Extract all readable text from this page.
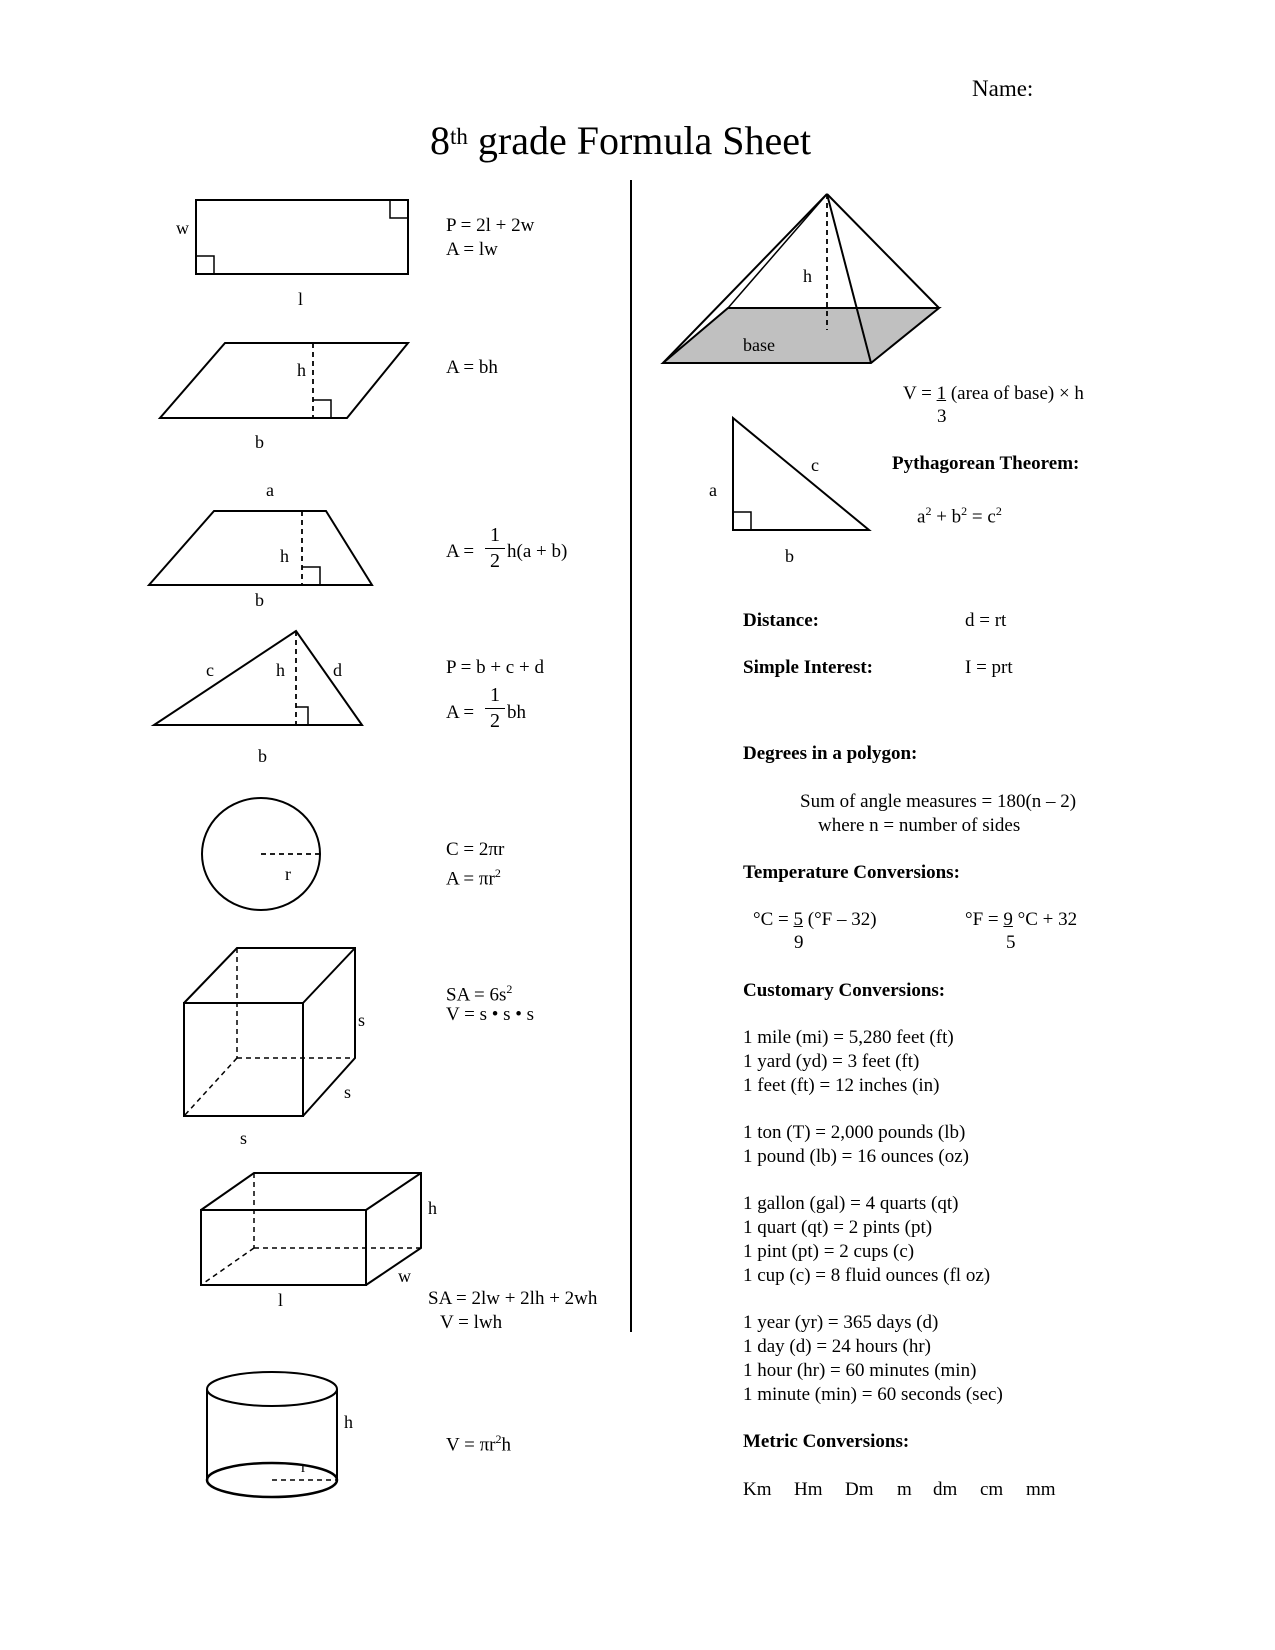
Name:
8th grade Formula Sheet
w
l
h
b
a
h
b
c	h	d
b
r
s
s
s
h
w
l
h
r
P = 2l + 2w
A = lw
A = bh
A =
1
2 h(a + b)
P = b + c + d
A =
1
2 bh
C = 2πr
$A = \pi r^2$
SA = $6s^2$
V = s • s • s
SA = 2lw + 2lh + 2wh
V = lwh
$V = \pi r^2h$
h
base
c
a
b
V = 1 (area of base) × h
3
Pythagorean Theorem:
$a^2 + b^2 = c^2$
Distance:	d = rt
Simple Interest:	I = prt
Degrees in a polygon:
Sum of angle measures = 180(n – 2)
where n = number of sides
Temperature Conversions:
°C = 5 (°F – 32)
9
°F = 9 °C + 32
5
Customary Conversions:
1 mile (mi) = 5,280 feet (ft)
1 yard (yd) = 3 feet (ft)
1 feet (ft) = 12 inches (in)
1 ton (T) = 2,000 pounds (lb)
1 pound (lb) = 16 ounces (oz)
1 gallon (gal) = 4 quarts (qt)
1 quart (qt) = 2 pints (pt)
1 pint (pt) = 2 cups (c)
1 cup (c) = 8 fluid ounces (fl oz)
1 year (yr) = 365 days (d)
1 day (d) = 24 hours (hr)
1 hour (hr) = 60 minutes (min)
1 minute (min) = 60 seconds (sec)
Metric Conversions:
Km Hm Dm m dm cm mm
